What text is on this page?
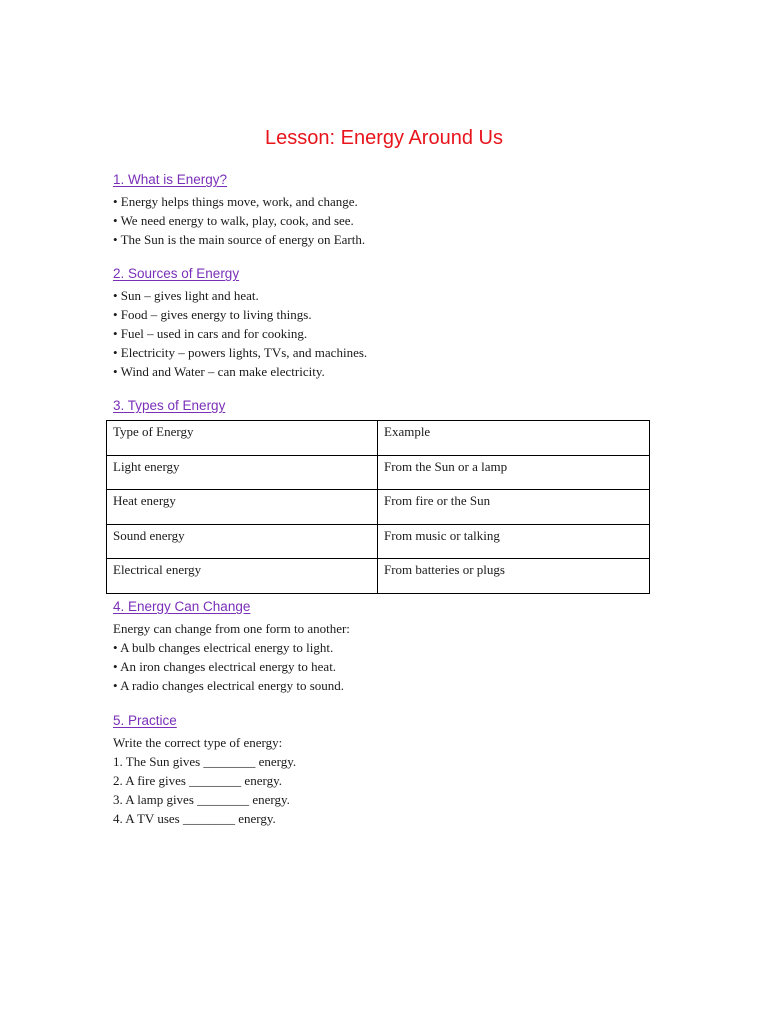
Lesson: Energy Around Us
1. What is Energy?
• Energy helps things move, work, and change.
• We need energy to walk, play, cook, and see.
• The Sun is the main source of energy on Earth.
2. Sources of Energy
• Sun – gives light and heat.
• Food – gives energy to living things.
• Fuel – used in cars and for cooking.
• Electricity – powers lights, TVs, and machines.
• Wind and Water – can make electricity.
3. Types of Energy
Type of Energy	Example
Light energy	From the Sun or a lamp
Heat energy	From fire or the Sun
Sound energy	From music or talking
Electrical energy	From batteries or plugs
4. Energy Can Change
Energy can change from one form to another:
• A bulb changes electrical energy to light.
• An iron changes electrical energy to heat.
• A radio changes electrical energy to sound.
5. Practice
Write the correct type of energy:
1. The Sun gives ________ energy.
2. A fire gives ________ energy.
3. A lamp gives ________ energy.
4. A TV uses ________ energy.
